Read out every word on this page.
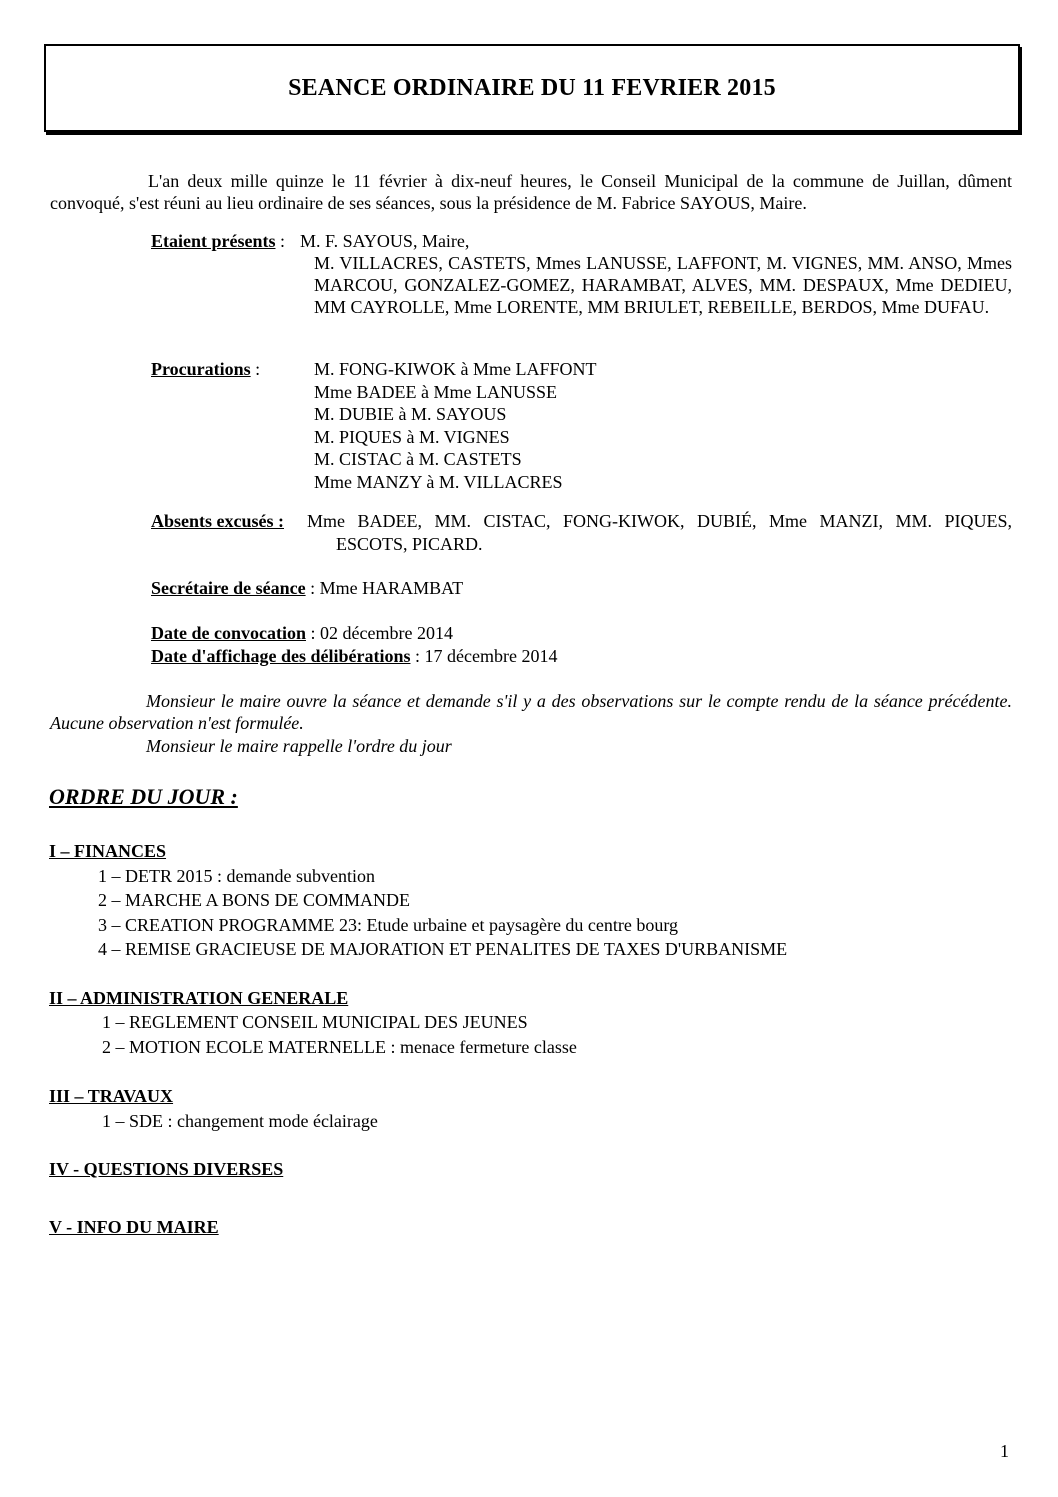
SEANCE ORDINAIRE DU 11 FEVRIER 2015
L'an deux mille quinze le 11 février à dix-neuf heures, le Conseil Municipal de la commune de Juillan, dûment convoqué, s'est réuni au lieu ordinaire de ses séances, sous la présidence de M. Fabrice SAYOUS, Maire.
Etaient présents : M. F. SAYOUS, Maire,
M. VILLACRES, CASTETS, Mmes LANUSSE, LAFFONT, M. VIGNES, MM. ANSO, Mmes MARCOU, GONZALEZ-GOMEZ, HARAMBAT, ALVES, MM. DESPAUX, Mme DEDIEU, MM CAYROLLE, Mme LORENTE, MM BRIULET, REBEILLE, BERDOS, Mme DUFAU.
Procurations :	M. FONG-KIWOK à Mme LAFFONT
Mme BADEE à Mme LANUSSE
M. DUBIE à M. SAYOUS
M. PIQUES à M. VIGNES
M. CISTAC à M. CASTETS
Mme MANZY à M. VILLACRES
Absents excusés : Mme BADEE, MM. CISTAC, FONG-KIWOK, DUBIÉ, Mme MANZI, MM. PIQUES,
ESCOTS, PICARD.
Secrétaire de séance : Mme HARAMBAT
Date de convocation : 02 décembre 2014
Date d'affichage des délibérations : 17 décembre 2014
Monsieur le maire ouvre la séance et demande s'il y a des observations sur le compte rendu de la séance précédente. Aucune observation n'est formulée.
Monsieur le maire rappelle l'ordre du jour
ORDRE DU JOUR :
I – FINANCES
1 – DETR 2015 : demande subvention
2 – MARCHE A BONS DE COMMANDE
3 – CREATION PROGRAMME 23: Etude urbaine et paysagère du centre bourg
4 – REMISE GRACIEUSE DE MAJORATION ET PENALITES DE TAXES D'URBANISME
II – ADMINISTRATION GENERALE
1 – REGLEMENT CONSEIL MUNICIPAL DES JEUNES
2 – MOTION ECOLE MATERNELLE : menace fermeture classe
III – TRAVAUX
1 – SDE : changement mode éclairage
IV - QUESTIONS DIVERSES
V - INFO DU MAIRE
1
